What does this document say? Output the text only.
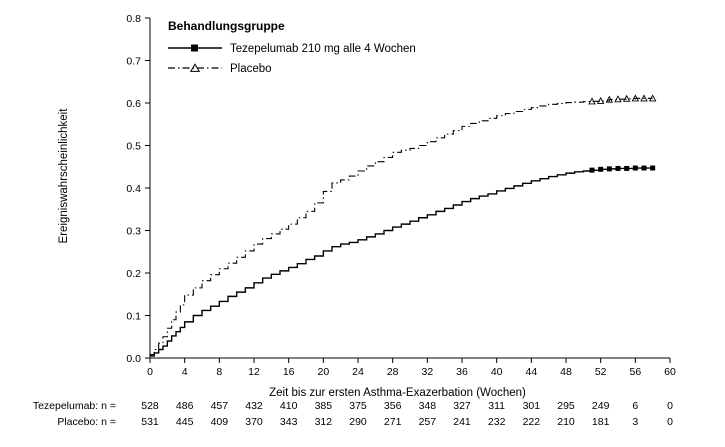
Ereigniswahrscheinlichkeit
0.0
0.1
0.2
0.3
0.4
0.5
0.6
0.7
0.8
0	4	8 12 16 20 24 28 32 36 40 44 48 52 56 60
Behandlungsgruppe
Tezepelumab 210 mg alle 4 Wochen
Placebo
Zeit bis zur ersten Asthma-Exazerbation (Wochen)
Tezepelumab: n =	528	486	457	432	410	385	375	356	348	327	311	301	295	249	6	0
Placebo: n =	531	445	409	370	343	312	290	271	257	241	232	222	210	181	3	0
